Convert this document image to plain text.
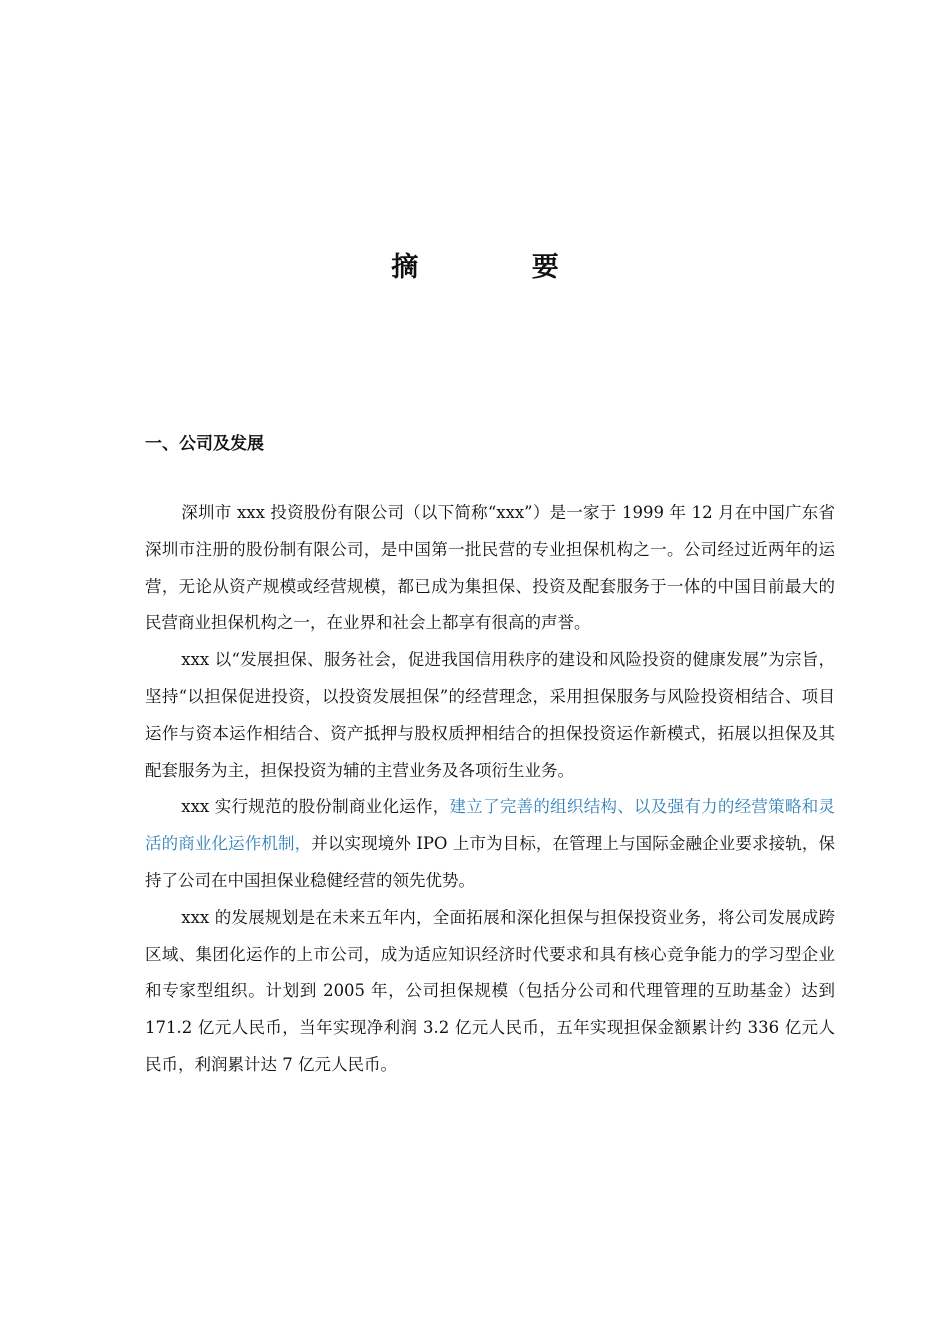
摘 要
一、公司及发展

深圳市 xxx 投资股份有限公司（以下简称“xxx”）是一家于 1999 年 12 月在中国广东省深圳市注册的股份制有限公司，是中国第一批民营的专业担保机构之一。公司经过近两年的运营，无论从资产规模或经营规模，都已成为集担保、投资及配套服务于一体的中国目前最大的民营商业担保机构之一，在业界和社会上都享有很高的声誉。

xxx 以“发展担保、服务社会，促进我国信用秩序的建设和风险投资的健康发展”为宗旨，坚持“以担保促进投资，以投资发展担保”的经营理念，采用担保服务与风险投资相结合、项目运作与资本运作相结合、资产抵押与股权质押相结合的担保投资运作新模式，拓展以担保及其配套服务为主，担保投资为辅的主营业务及各项衍生业务。

xxx 实行规范的股份制商业化运作，建立了完善的组织结构、以及强有力的经营策略和灵活的商业化运作机制，并以实现境外 IPO 上市为目标，在管理上与国际金融企业要求接轨，保持了公司在中国担保业稳健经营的领先优势。

xxx 的发展规划是在未来五年内，全面拓展和深化担保与担保投资业务，将公司发展成跨区域、集团化运作的上市公司，成为适应知识经济时代要求和具有核心竞争能力的学习型企业和专家型组织。计划到 2005 年，公司担保规模（包括分公司和代理管理的互助基金）达到 171.2 亿元人民币，当年实现净利润 3.2 亿元人民币，五年实现担保金额累计约 336 亿元人民币，利润累计达 7 亿元人民币。
